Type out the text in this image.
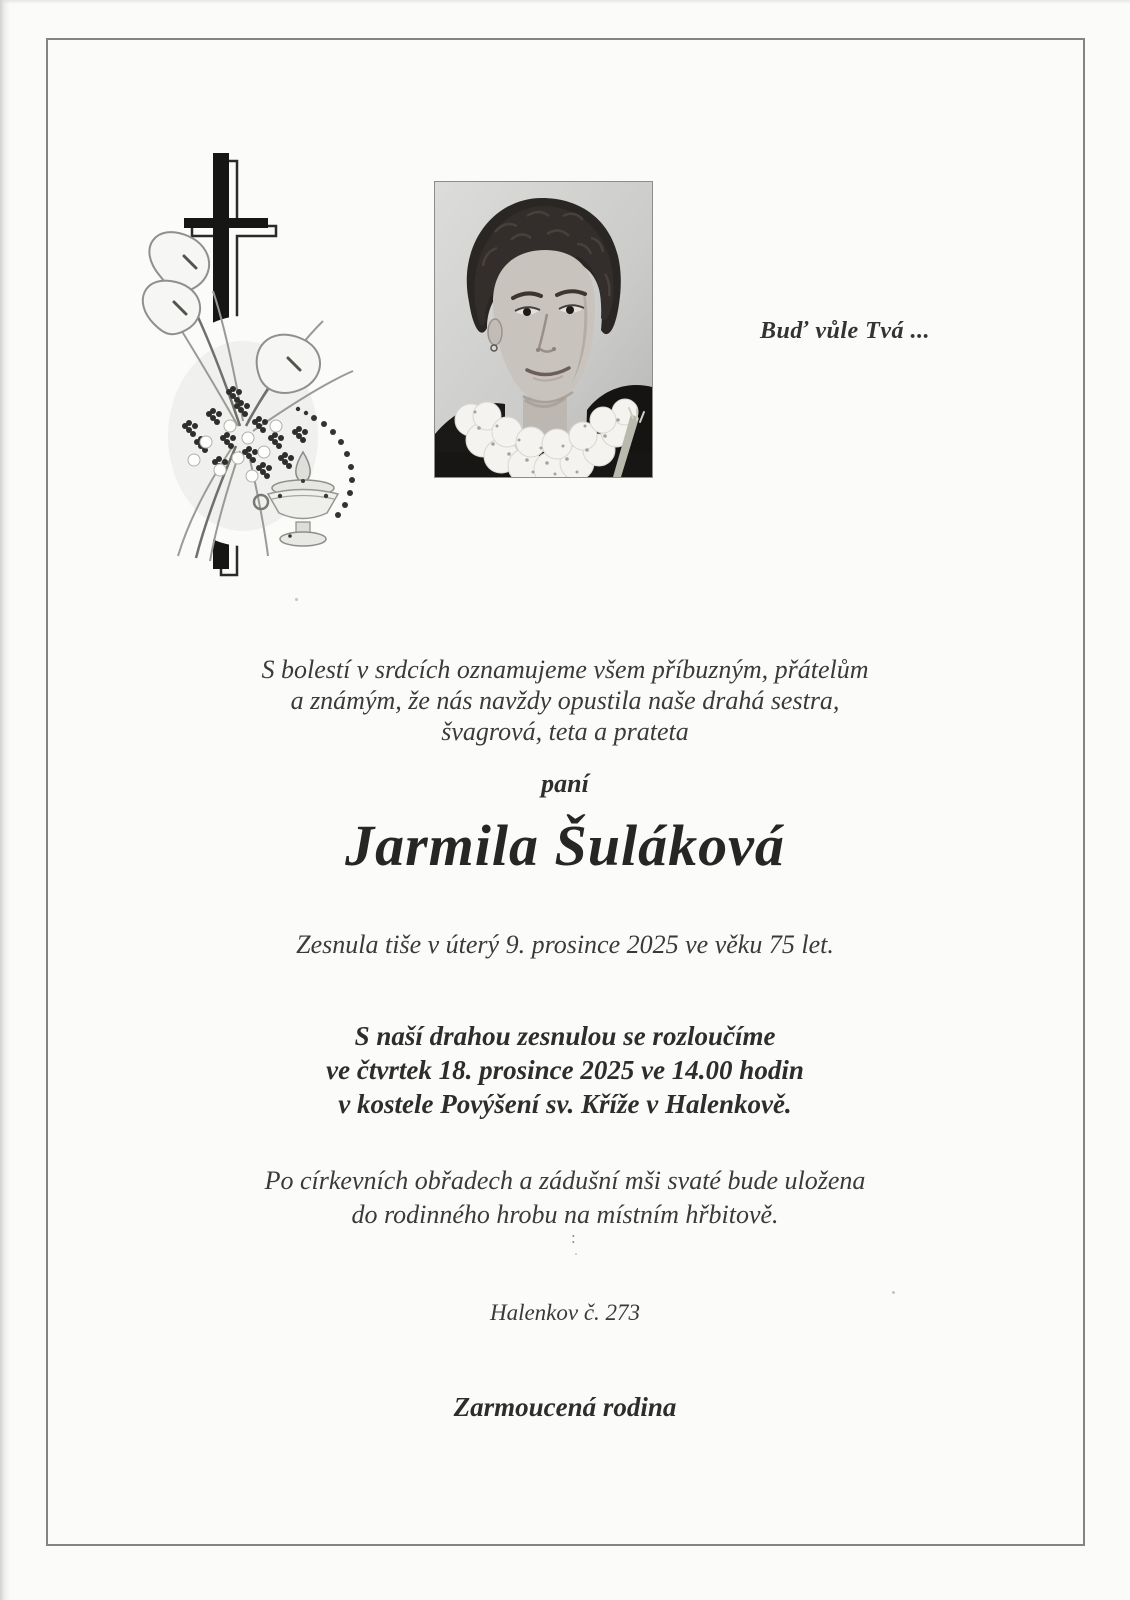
Buď vůle Tvá ...
S bolestí v srdcích oznamujeme všem příbuzným, přátelům
a známým, že nás navždy opustila naše drahá sestra,
švagrová, teta a prateta
paní
Jarmila Šuláková
Zesnula tiše v úterý 9. prosince 2025 ve věku 75 let.
S naší drahou zesnulou se rozloučíme
ve čtvrtek 18. prosince 2025 ve 14.00 hodin
v kostele Povýšení sv. Kříže v Halenkově.
Po církevních obřadech a zádušní mši svaté bude uložena
do rodinného hrobu na místním hřbitově.
:
Halenkov č. 273
Zarmoucená rodina
